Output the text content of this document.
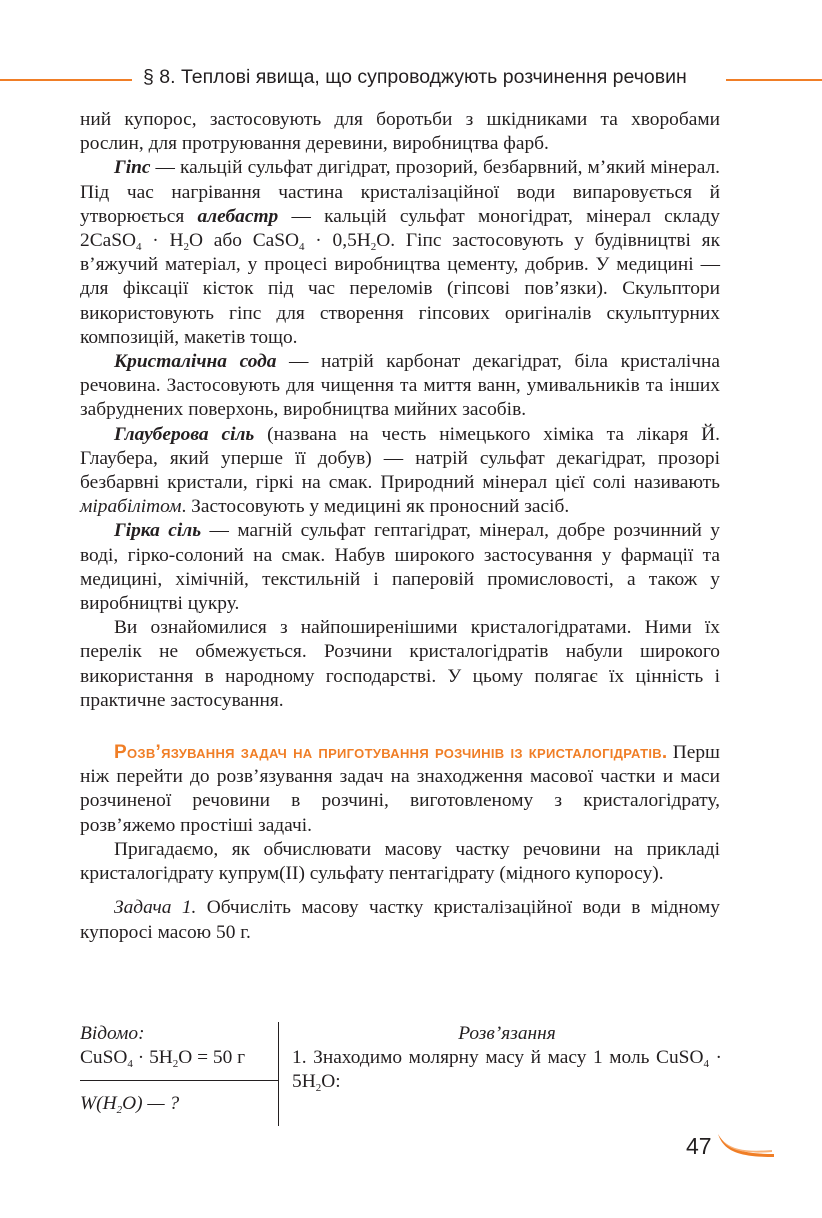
§ 8. Теплові явища, що супроводжують розчинення речовин

ний купорос, застосовують для боротьби з шкідниками та хворобами рослин, для протруювання деревини, виробництва фарб.

Гіпс — кальцій сульфат дигідрат, прозорий, безбарвний, м’який мінерал. Під час нагрівання частина кристалізаційної води випаровується й утворюється алебастр — кальцій сульфат моногідрат, мінерал складу 2CaSO$_4$ · $H_2O$ або CaSO$_4$ · $0,5H_2O$. Гіпс застосовують у будівництві як в’яжучий матеріал, у процесі виробництва цементу, добрив. У медицині — для фіксації кісток під час переломів (гіпсові пов’язки). Скульптори використовують гіпс для створення гіпсових оригіналів скульптурних композицій, макетів тощо.

Кристалічна сода — натрій карбонат декагідрат, біла кристалічна речовина. Застосовують для чищення та миття ванн, умивальників та інших забруднених поверхонь, виробництва мийних засобів.

Глауберова сіль (названа на честь німецького хіміка та лікаря Й. Глаубера, який уперше її добув) — натрій сульфат декагідрат, прозорі безбарвні кристали, гіркі на смак. Природний мінерал цієї солі називають мірабілітом. Застосовують у медицині як проносний засіб.

Гірка сіль — магній сульфат гептагідрат, мінерал, добре розчинний у воді, гірко-солоний на смак. Набув широкого застосування у фармації та медицині, хімічній, текстильній і паперовій промисловості, а також у виробництві цукру.

Ви ознайомилися з найпоширенішими кристалогідратами. Ними їх перелік не обмежується. Розчини кристалогідратів набули широкого використання в народному господарстві. У цьому полягає їх цінність і практичне застосування.

Розв’язування задач на приготування розчинів із кристалогідратів. Перш ніж перейти до розв’язування задач на знаходження масової частки и маси розчиненої речовини в розчині, виготовленому з кристалогідрату, розв’яжемо простіші задачі.

Пригадаємо, як обчислювати масову частку речовини на прикладі кристалогідрату купрум(ІІ) сульфату пентагідрату (мідного купоросу).

Задача 1. Обчисліть масову частку кристалізаційної води в мідному купоросі масою 50 г.

Відомо:
CuSO$_4$ · $5H_2O = 50$ г
$W(H_2O)$ — ?
Розв’язання
1. Знаходимо молярну масу й масу 1 моль CuSO$_4$ · $5H_2O$:
47
